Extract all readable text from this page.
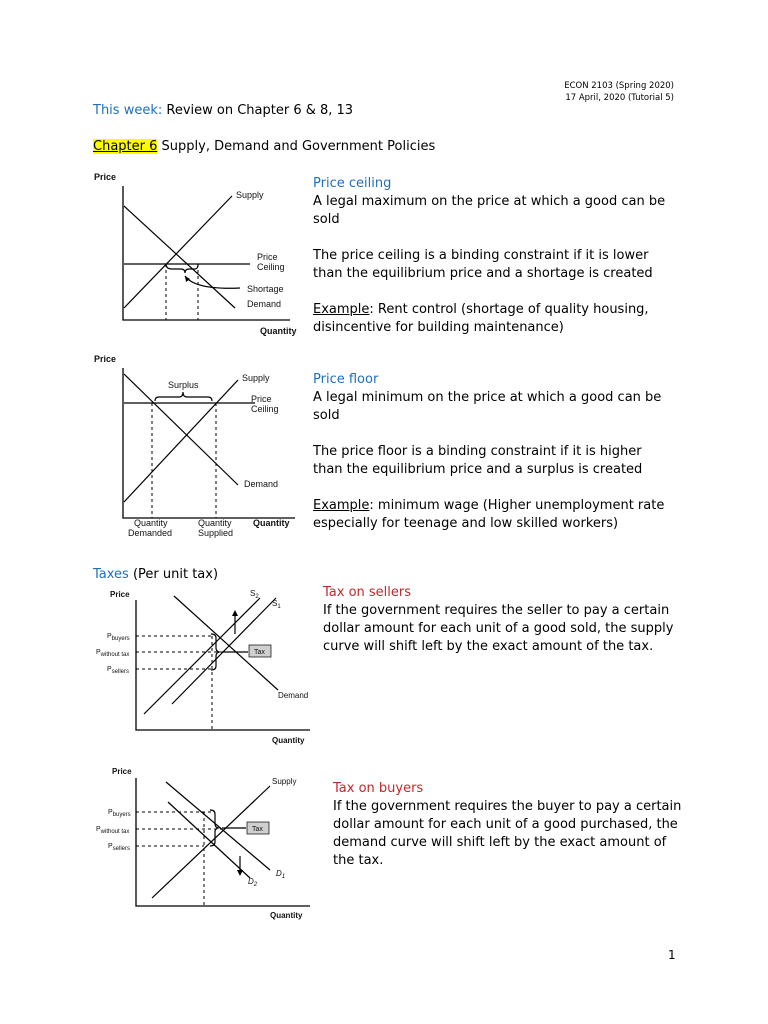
ECON 2103 (Spring 2020)
17 April, 2020 (Tutorial 5)
This week: Review on Chapter 6 & 8, 13
Chapter 6 Supply, Demand and Government Policies
Price
Supply
Price
Ceiling
Shortage
Demand
Quantity

Price ceiling

A legal maximum on the price at which a good can be sold

The price ceiling is a binding constraint if it is lower than the equilibrium price and a shortage is created

Example: Rent control (shortage of quality housing, disincentive for building maintenance)

Price
Surplus
Supply
Price
Ceiling
Demand
Quantity
Demanded
Quantity
Supplied
Quantity

Price floor

A legal minimum on the price at which a good can be sold

The price floor is a binding constraint if it is higher than the equilibrium price and a surplus is created

Example: minimum wage (Higher unemployment rate especially for teenage and low skilled workers)

Taxes (Per unit tax)
Price
Tax
$S_2$
$S_1$
Demand
Pbuyers
Pwithout tax
Psellers
Quantity

Tax on sellers

If the government requires the seller to pay a certain dollar amount for each unit of a good sold, the supply curve will shift left by the exact amount of the tax.

Price
Tax
Supply
$D_1$
$D_2$
Pbuyers
Pwithout tax
Psellers
Quantity

Tax on buyers

If the government requires the buyer to pay a certain dollar amount for each unit of a good purchased, the demand curve will shift left by the exact amount of the tax.

1
